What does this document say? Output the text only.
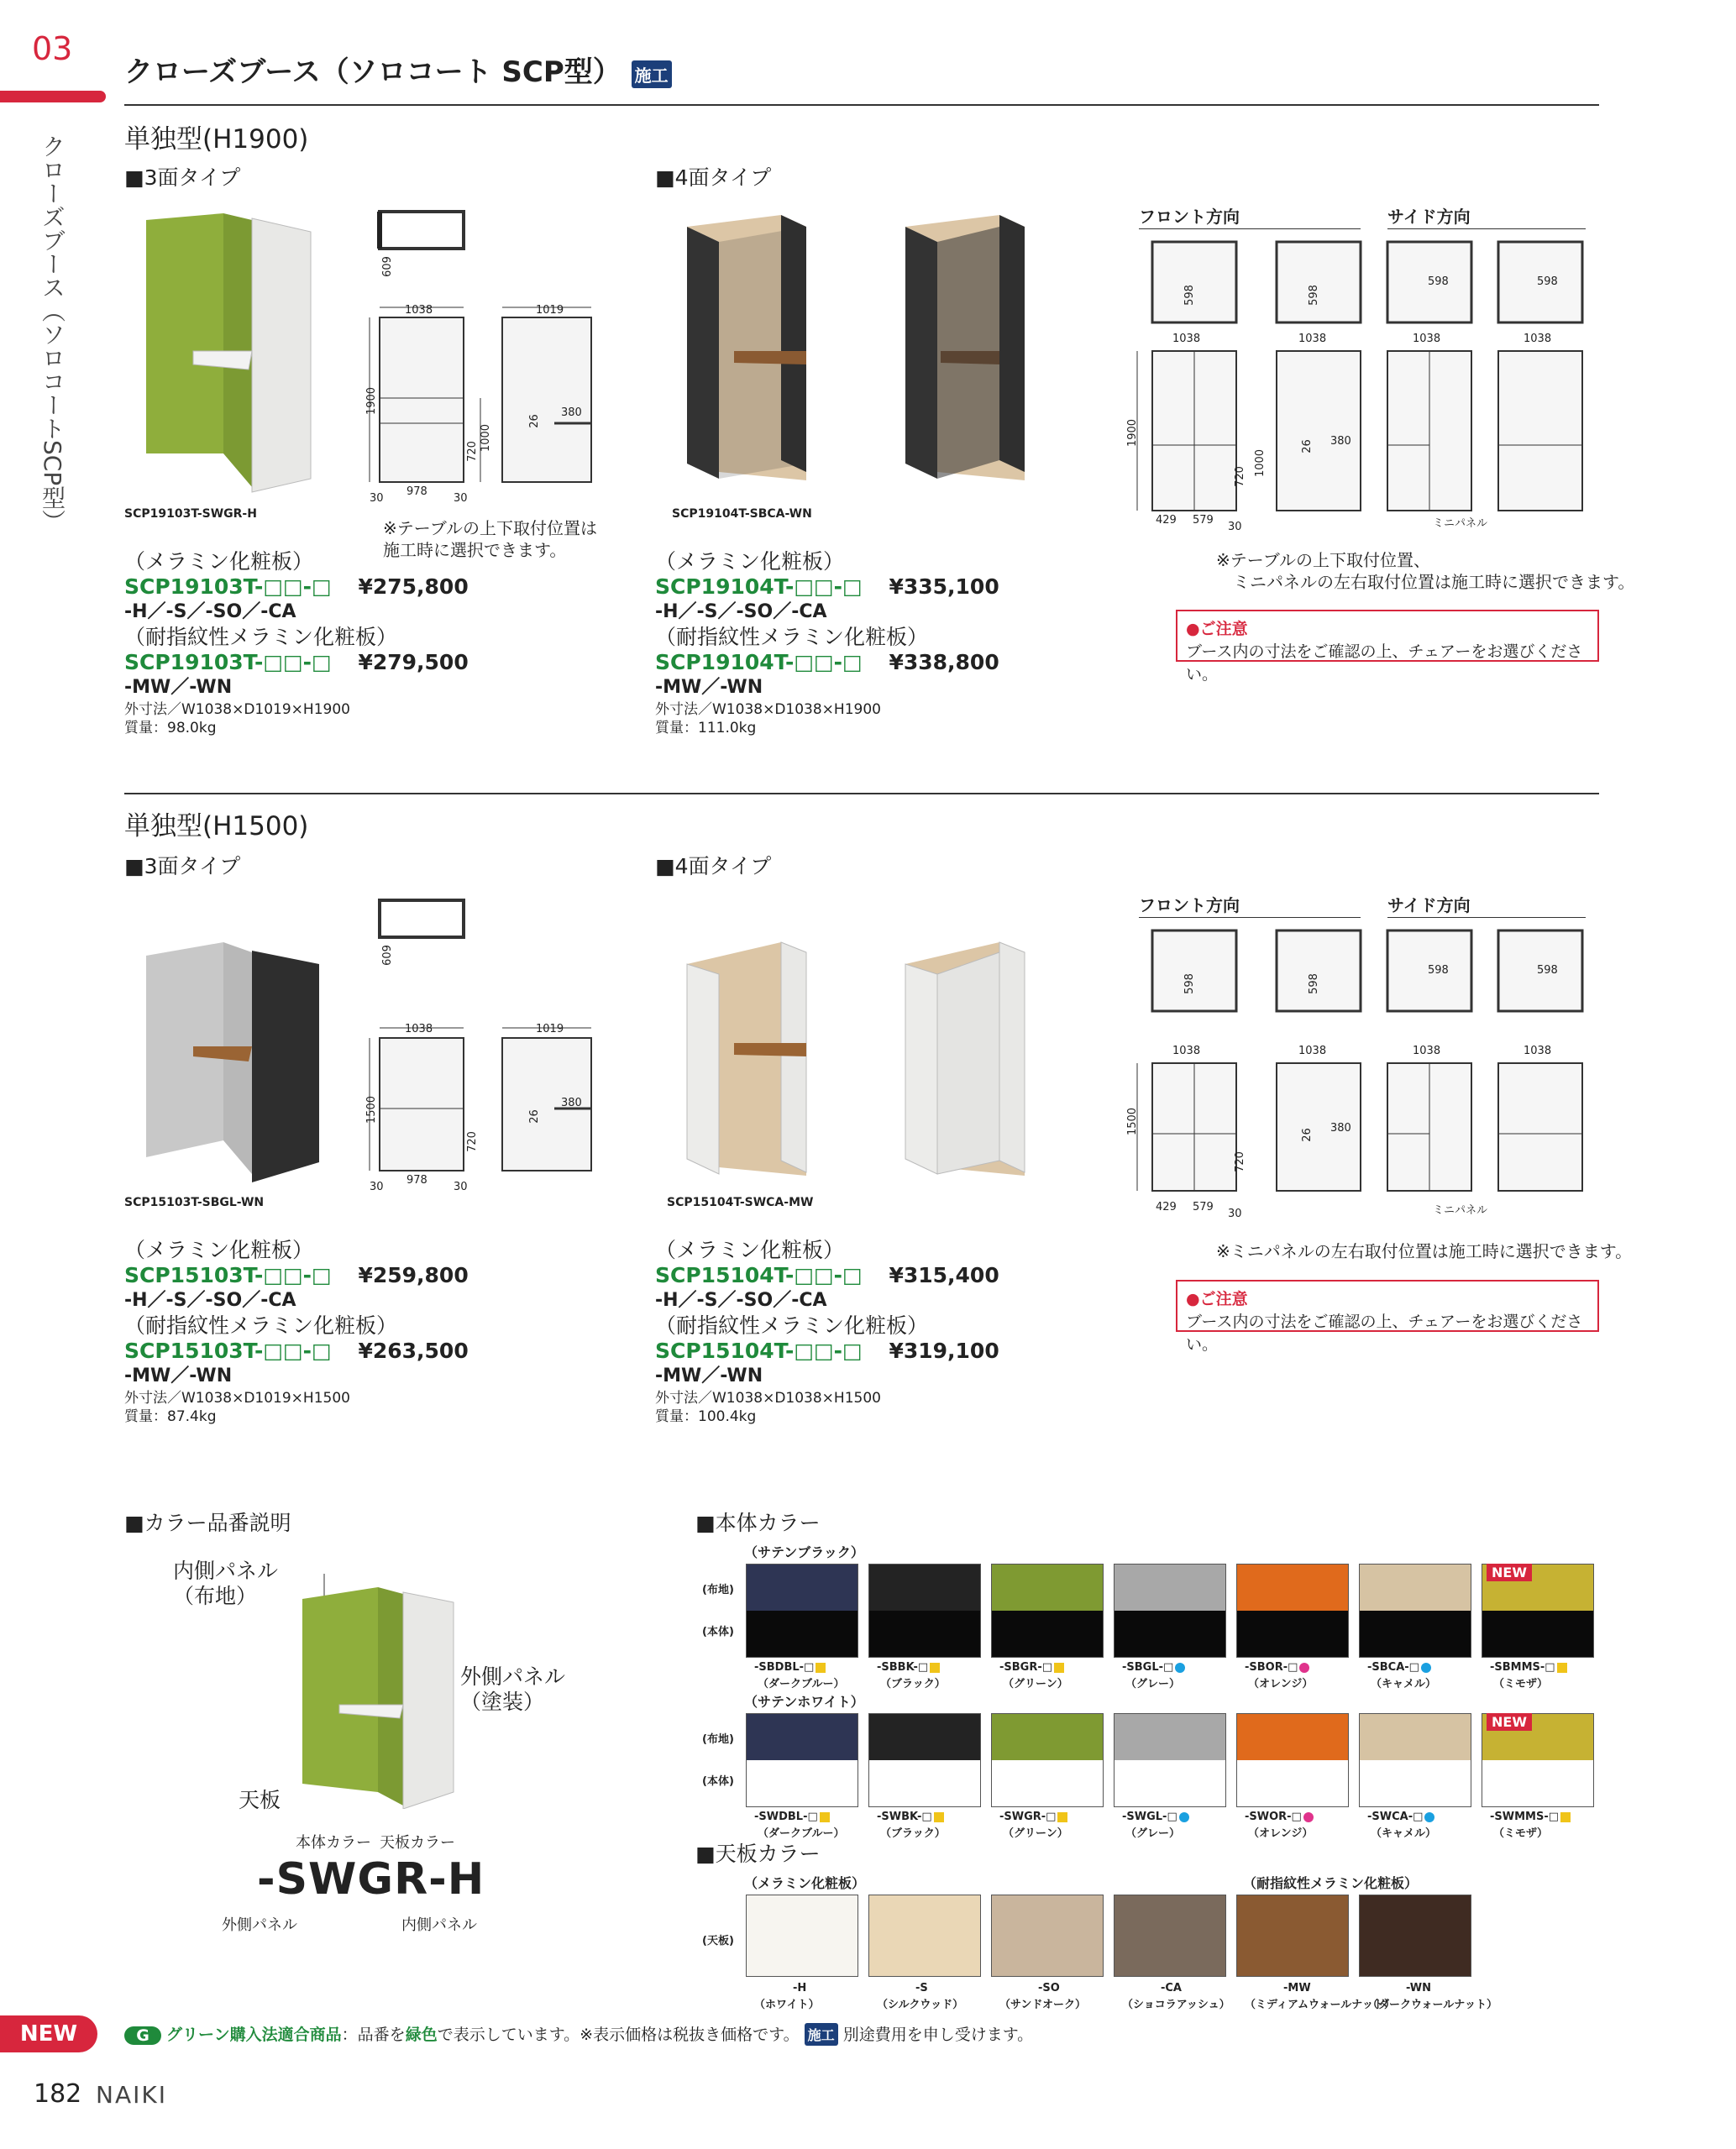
03
クローズブース（ソロコートSCP型）
クローズブース（ソロコート SCP型） 施工
単独型(H1900)
■3面タイプ	■4面タイプ
SCP19103T-SWGR-H
609
1038	1019
1900
720 1000
26
380
30
978
30
※テーブルの上下取付位置は
施工時に選択できます。
SCP19104T-SBCA-WN
フロント方向	サイド方向
598	598
598	598
1038	1038	1038	1038
1900
720 1000
26 380
429 579
30	ミニパネル
※テーブルの上下取付位置、
　ミニパネルの左右取付位置は施工時に選択できます。
●ご注意
ブース内の寸法をご確認の上、チェアーをお選びください。
（メラミン化粧板）
SCP19103T-□□-□ ¥275,800
-H／-S／-SO／-CA
（耐指紋性メラミン化粧板）
SCP19103T-□□-□ ¥279,500
-MW／-WN
外寸法／W1038×D1019×H1900
質量：98.0kg
（メラミン化粧板）
SCP19104T-□□-□ ¥335,100
-H／-S／-SO／-CA
（耐指紋性メラミン化粧板）
SCP19104T-□□-□ ¥338,800
-MW／-WN
外寸法／W1038×D1038×H1900
質量：111.0kg
単独型(H1500)
■3面タイプ	■4面タイプ
SCP15103T-SBGL-WN
609
1038	1019
1500
720
26
380
30
978
30
SCP15104T-SWCA-MW
フロント方向	サイド方向
598	598
598	598
1038	1038	1038	1038
1500
720
26 380
429 579
30	ミニパネル
※ミニパネルの左右取付位置は施工時に選択できます。
●ご注意
ブース内の寸法をご確認の上、チェアーをお選びください。
（メラミン化粧板）
SCP15103T-□□-□ ¥259,800
-H／-S／-SO／-CA
（耐指紋性メラミン化粧板）
SCP15103T-□□-□ ¥263,500
-MW／-WN
外寸法／W1038×D1019×H1500
質量：87.4kg
（メラミン化粧板）
SCP15104T-□□-□ ¥315,400
-H／-S／-SO／-CA
（耐指紋性メラミン化粧板）
SCP15104T-□□-□ ¥319,100
-MW／-WN
外寸法／W1038×D1038×H1500
質量：100.4kg
■カラー品番説明
内側パネル
（布地）
外側パネル
（塗装）
天板
本体カラー 天板カラー
-SWGR-H
外側パネル	内側パネル
■本体カラー
（サテンブラック）
(布地)
(本体)
（サテンホワイト）
(布地)
(本体)
-SBDBL-□
（ダークブルー）
-SBBK-□
（ブラック）
-SBGR-□
（グリーン）
-SBGL-□
（グレー）
-SBOR-□
（オレンジ）
-SBCA-□
（キャメル）
-SBMMS-□
（ミモザ）
-SWDBL-□
（ダークブルー）
-SWBK-□
（ブラック）
-SWGR-□
（グリーン）
-SWGL-□
（グレー）
-SWOR-□
（オレンジ）
-SWCA-□
（キャメル）
-SWMMS-□
（ミモザ）
NEW
NEW
■天板カラー
（メラミン化粧板）	（耐指紋性メラミン化粧板）
(天板)
-H
（ホワイト）
-S
（シルクウッド）
-SO
（サンドオーク）
-CA
（ショコラアッシュ）
-MW
（ミディアムウォールナット）
-WN
（ダークウォールナット）
NEW	G グリーン購入法適合商品：品番を緑色で表示しています。※表示価格は税抜き価格です。 施工 別途費用を申し受けます。
182 NAIKI
